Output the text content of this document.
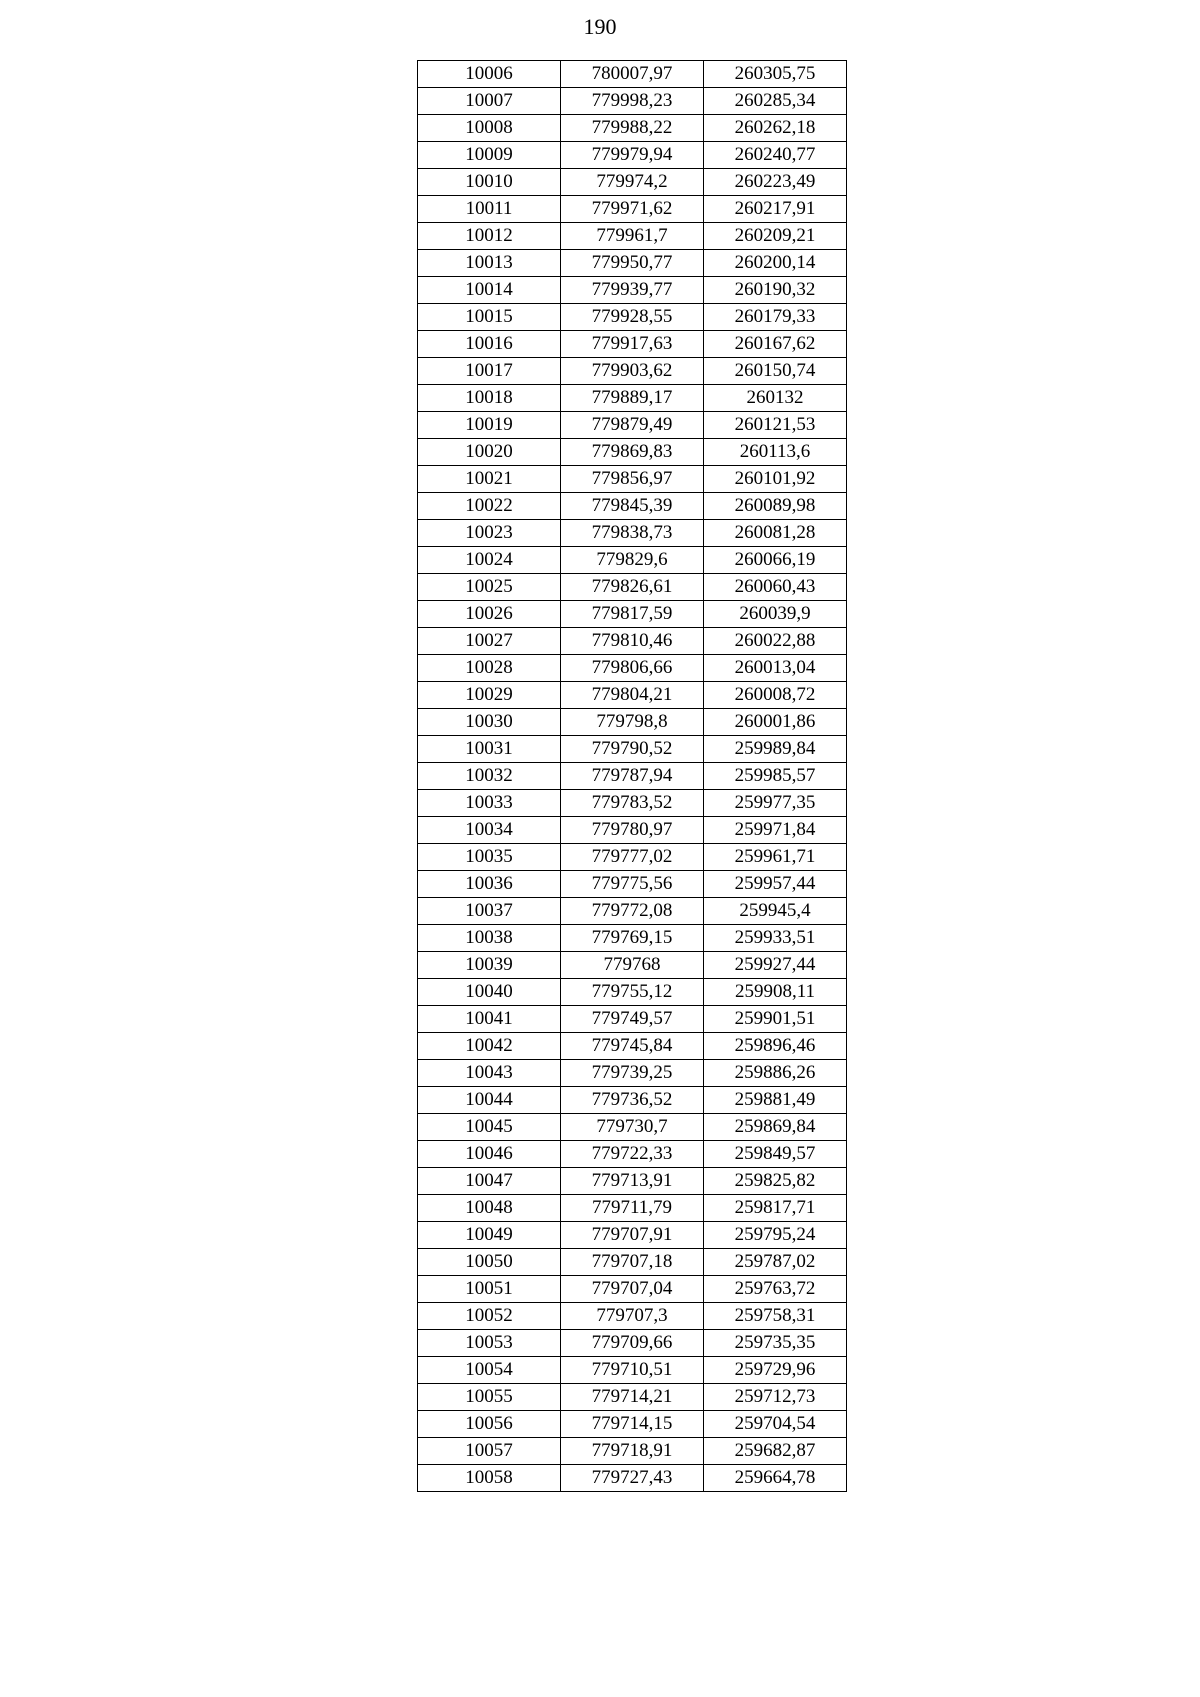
190
10006	780007,97	260305,75
10007	779998,23	260285,34
10008	779988,22	260262,18
10009	779979,94	260240,77
10010	779974,2	260223,49
10011	779971,62	260217,91
10012	779961,7	260209,21
10013	779950,77	260200,14
10014	779939,77	260190,32
10015	779928,55	260179,33
10016	779917,63	260167,62
10017	779903,62	260150,74
10018	779889,17	260132
10019	779879,49	260121,53
10020	779869,83	260113,6
10021	779856,97	260101,92
10022	779845,39	260089,98
10023	779838,73	260081,28
10024	779829,6	260066,19
10025	779826,61	260060,43
10026	779817,59	260039,9
10027	779810,46	260022,88
10028	779806,66	260013,04
10029	779804,21	260008,72
10030	779798,8	260001,86
10031	779790,52	259989,84
10032	779787,94	259985,57
10033	779783,52	259977,35
10034	779780,97	259971,84
10035	779777,02	259961,71
10036	779775,56	259957,44
10037	779772,08	259945,4
10038	779769,15	259933,51
10039	779768	259927,44
10040	779755,12	259908,11
10041	779749,57	259901,51
10042	779745,84	259896,46
10043	779739,25	259886,26
10044	779736,52	259881,49
10045	779730,7	259869,84
10046	779722,33	259849,57
10047	779713,91	259825,82
10048	779711,79	259817,71
10049	779707,91	259795,24
10050	779707,18	259787,02
10051	779707,04	259763,72
10052	779707,3	259758,31
10053	779709,66	259735,35
10054	779710,51	259729,96
10055	779714,21	259712,73
10056	779714,15	259704,54
10057	779718,91	259682,87
10058	779727,43	259664,78
